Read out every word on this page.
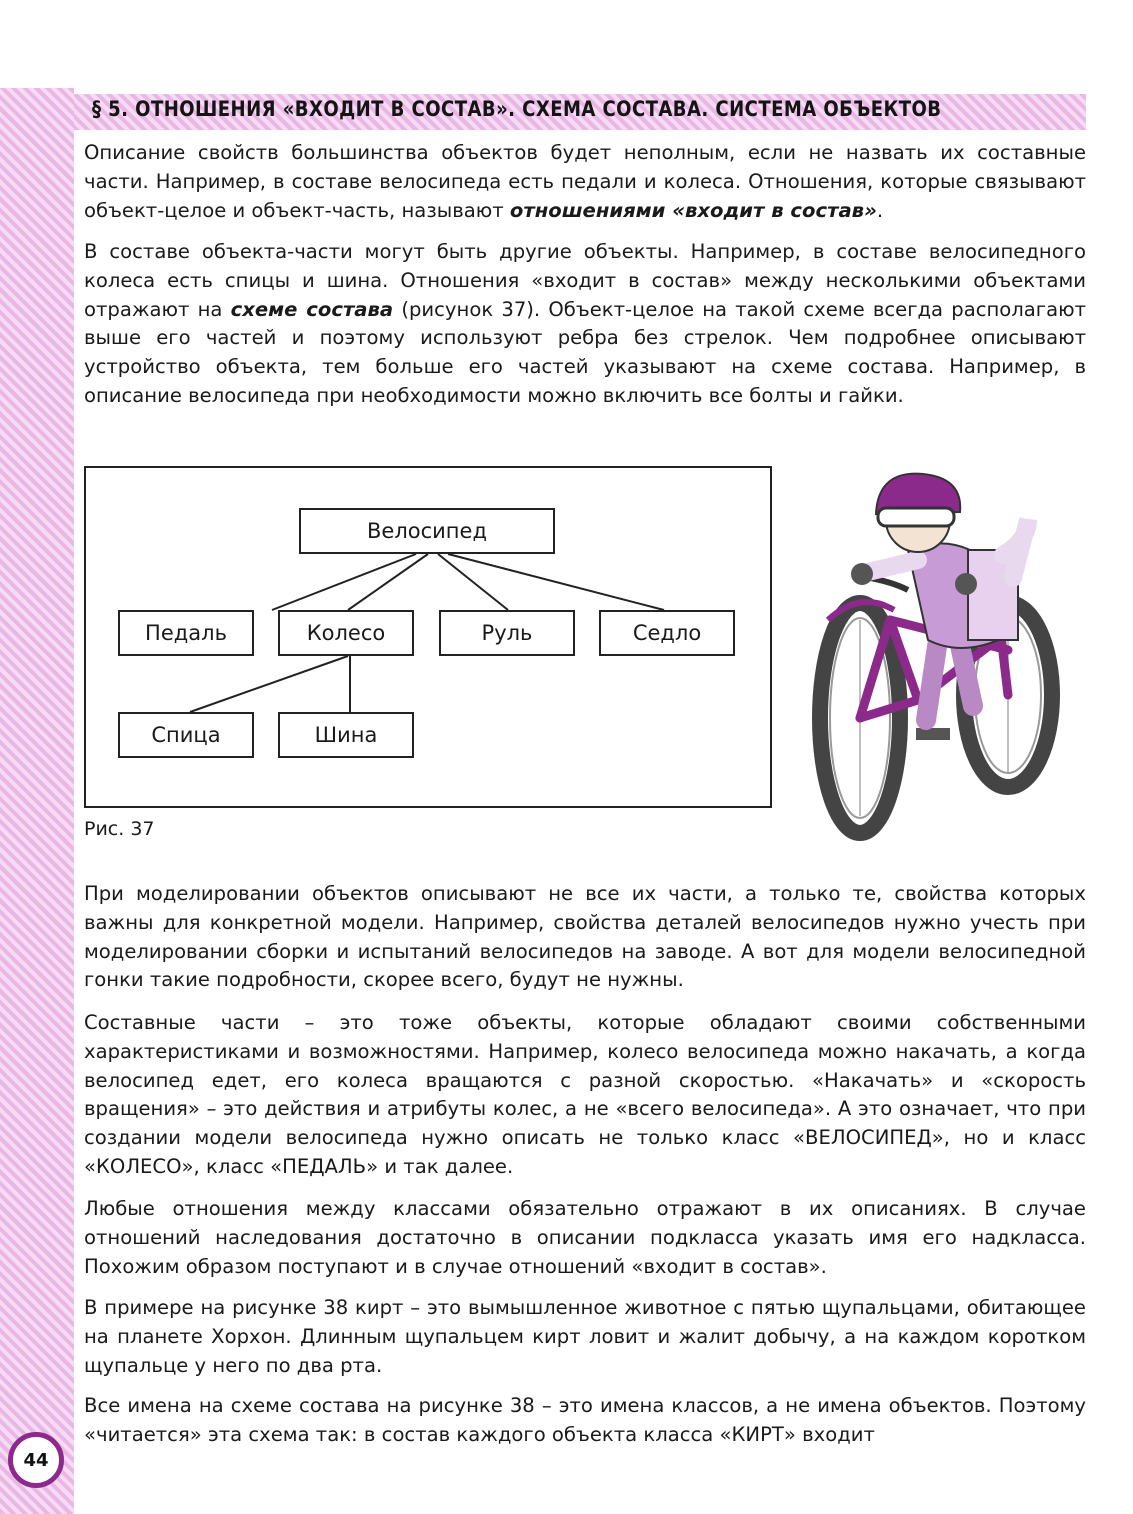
§ 5. ОТНОШЕНИЯ «ВХОДИТ В СОСТАВ». СХЕМА СОСТАВА. СИСТЕМА ОБЪЕКТОВ

Описание свойств большинства объектов будет неполным, если не назвать их составные части. Например, в составе велосипеда есть педали и колеса. Отношения, которые связывают объект-целое и объект-часть, называют отношениями «входит в состав».

В составе объекта-части могут быть другие объекты. Например, в составе велосипедного колеса есть спицы и шина. Отношения «входит в состав» между несколькими объектами отражают на схеме состава (рисунок 37). Объект-целое на такой схеме всегда располагают выше его частей и поэтому используют ребра без стрелок. Чем подробнее описывают устройство объекта, тем больше его частей указывают на схеме состава. Например, в описание велосипеда при необходимости можно включить все болты и гайки.

Велосипед
Педаль	Колесо	Руль	Седло
Спица	Шина
Рис. 37
44

При моделировании объектов описывают не все их части, а только те, свойства которых важны для конкретной модели. Например, свойства деталей велосипедов нужно учесть при моделировании сборки и испытаний велосипедов на заводе. А вот для модели велосипедной гонки такие подробности, скорее всего, будут не нужны.

Составные части – это тоже объекты, которые обладают своими собственными характеристиками и возможностями. Например, колесо велосипеда можно накачать, а когда велосипед едет, его колеса вращаются с разной скоростью. «Накачать» и «скорость вращения» – это действия и атрибуты колес, а не «всего велосипеда». А это означает, что при создании модели велосипеда нужно описать не только класс «ВЕЛОСИПЕД», но и класс «КОЛЕСО», класс «ПЕДАЛЬ» и так далее.

Любые отношения между классами обязательно отражают в их описаниях. В случае отношений наследования достаточно в описании подкласса указать имя его надкласса. Похожим образом поступают и в случае отношений «входит в состав».

В примере на рисунке 38 кирт – это вымышленное животное с пятью щупальцами, обитающее на планете Хорхон. Длинным щупальцем кирт ловит и жалит добычу, а на каждом коротком щупальце у него по два рта.

Все имена на схеме состава на рисунке 38 – это имена классов, а не имена объектов. Поэтому «читается» эта схема так: в состав каждого объекта класса «КИРТ» входит
